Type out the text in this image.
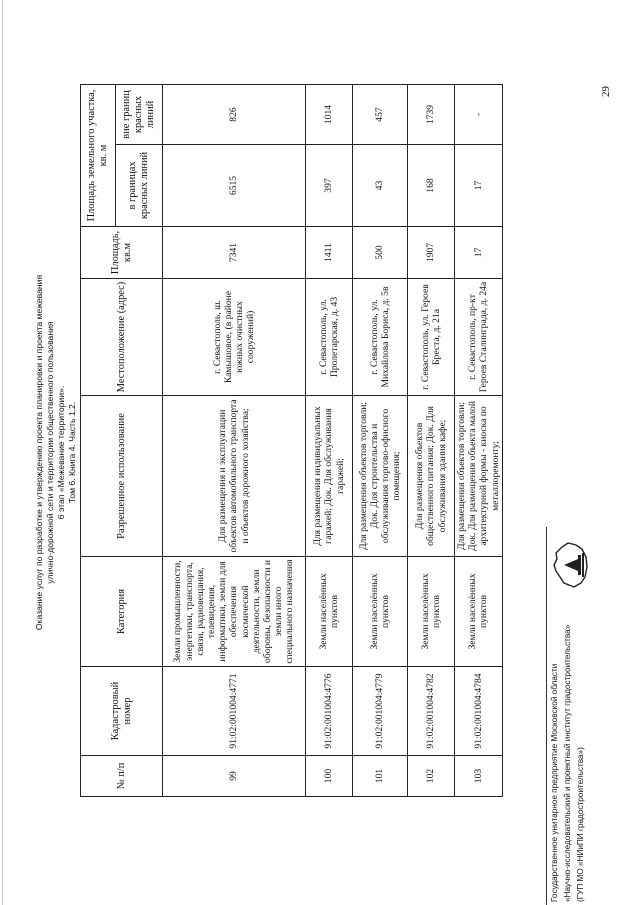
Оказание услуг по разработке и утверждению проекта планировки и проекта межевания улично-дорожной сети и территории общественного пользования 6 этап «Межевание территории». Том 6. Книга 4. Часть 1.2.
№ п/п	Кадастровый номер	Категория	Разрешенное использование	Местоположение (адрес)	Площадь, кв.м	Площадь земельного участка, кв. м	
						в границах красных линий	вне границ красных линий
99	91:02:001004:4771	Земли промышленности, энергетики, транспорта, связи, радиовещания, телевидения, информатики, земли для обеспечения космической деятельности, земли обороны, безопасности и земли иного специального назначения	Для размещения и эксплуатации объектов автомобильного транспорта и объектов дорожного хозяйства;	г. Севастополь, ш. Камышовое, (в районе южных очистных сооружений)	7341	6515	826
100	91:02:001004:4776	Земли населённых пунктов	Для размещения индивидуальных гаражей; Док. Для обслуживания гаражей;	г. Севастополь, ул. Пролетарская, д. 43	1411	397	1014
101	91:02:001004:4779	Земли населённых пунктов	Для размещения объектов торговли; Док. Для строительства и обслуживания торгово-офисного помещения;	г. Севастополь, ул. Михайлова Бориса, д. 5в	500	43	457
102	91:02:001004:4782	Земли населённых пунктов	Для размещения объектов общественного питания; Док. Для обслуживания здания кафе;	г. Севастополь, ул. Героев Бреста, д. 21а	1907	168	1739
103	91:02:001004:4784	Земли населённых пунктов	Для размещения объектов торговли; Док. Для размещения объекта малой архитектурной формы - киоска по металлоремонту;	г. Севастополь, пр-кт Героев Сталинграда, д. 24а	17	17	-
29
Государственное унитарное предприятие Московской области «Научно-исследовательский и проектный институт градостроительства» (ГУП МО «НИиПИ градостроительства»)
